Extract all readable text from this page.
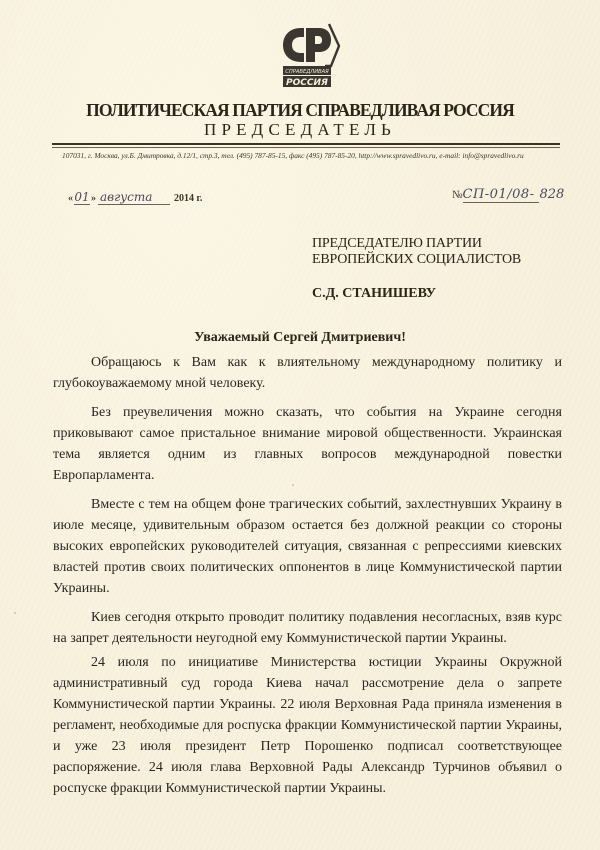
СПРАВЕДЛИВАЯ
РОССИЯ
ПОЛИТИЧЕСКАЯ ПАРТИЯ СПРАВЕДЛИВАЯ РОССИЯ
ПРЕДСЕДАТЕЛЬ
107031, г. Москва, ул.Б. Дмитровка, д.12/1, стр.3, тел. (495) 787-85-15, факс (495) 787-85-20, http://www.spravedlivo.ru, e-mail: info@spravedlivo.ru
« 01 » августа	2014 г.	№ СП-01/08- 828
ПРЕДСЕДАТЕЛЮ ПАРТИИ
ЕВРОПЕЙСКИХ СОЦИАЛИСТОВ
С.Д. СТАНИШЕВУ
Уважаемый Сергей Дмитриевич!

Обращаюсь к Вам как к влиятельному международному политику и глубокоуважаемому мной человеку.

Без преувеличения можно сказать, что события на Украине сегодня приковывают самое пристальное внимание мировой общественности. Украинская тема является одним из главных вопросов международной повестки Европарламента.

Вместе с тем на общем фоне трагических событий, захлестнувших Украину в июле месяце, удивительным образом остается без должной реакции со стороны высоких европейских руководителей ситуация, связанная с репрессиями киевских властей против своих политических оппонентов в лице Коммунистической партии Украины.

Киев сегодня открыто проводит политику подавления несогласных, взяв курс на запрет деятельности неугодной ему Коммунистической партии Украины.

24 июля по инициативе Министерства юстиции Украины Окружной административный суд города Киева начал рассмотрение дела о запрете Коммунистической партии Украины. 22 июля Верховная Рада приняла изменения в регламент, необходимые для роспуска фракции Коммунистической партии Украины, и уже 23 июля президент Петр Порошенко подписал соответствующее распоряжение. 24 июля глава Верховной Рады Александр Турчинов объявил о роспуске фракции Коммунистической партии Украины.
